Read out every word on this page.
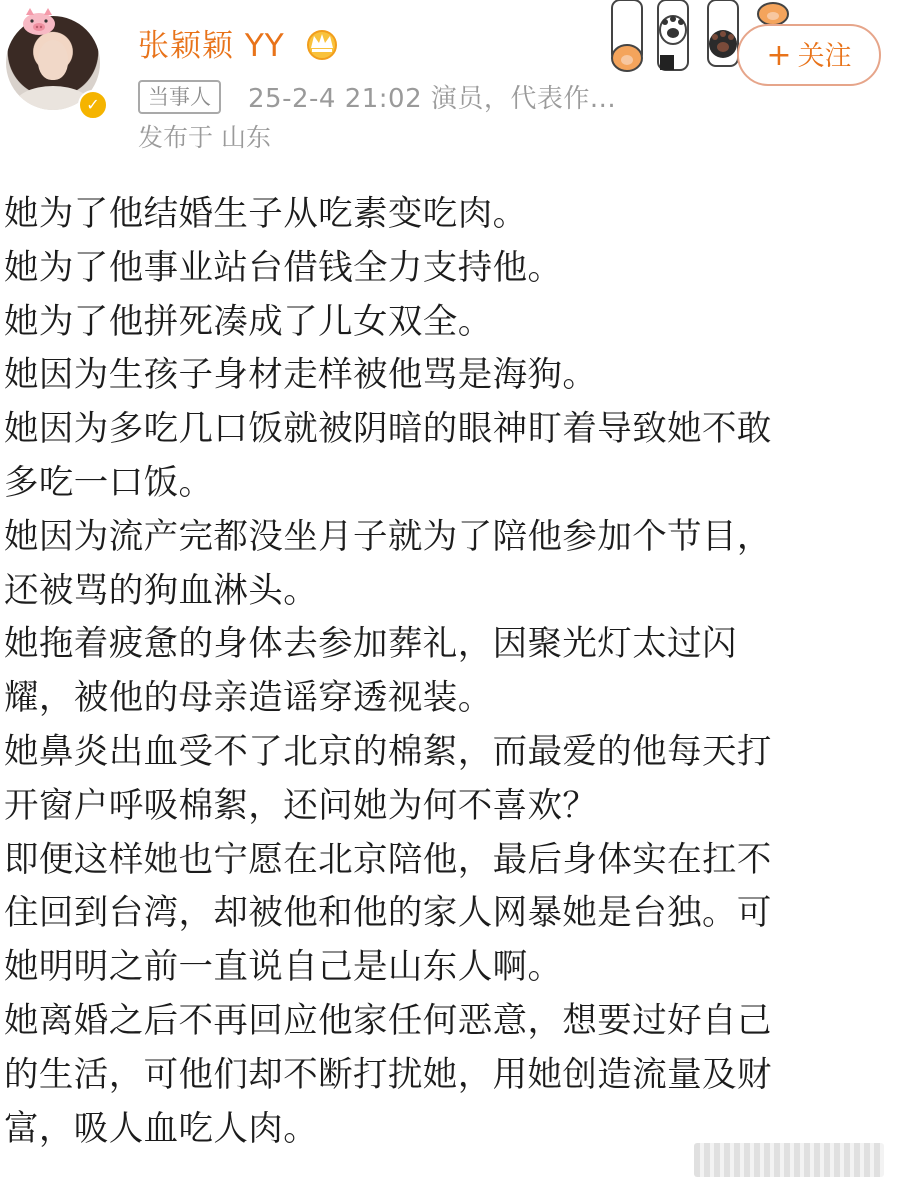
✓
张颖颖 YY
当事人	25-2-4 21:02 演员，代表作...
发布于 山东
+ 关注
她为了他结婚生子从吃素变吃肉。
她为了他事业站台借钱全力支持他。
她为了他拼死凑成了儿女双全。
她因为生孩子身材走样被他骂是海狗。
她因为多吃几口饭就被阴暗的眼神盯着导致她不敢
多吃一口饭。
她因为流产完都没坐月子就为了陪他参加个节目，
还被骂的狗血淋头。
她拖着疲惫的身体去参加葬礼，因聚光灯太过闪
耀，被他的母亲造谣穿透视装。
她鼻炎出血受不了北京的棉絮，而最爱的他每天打
开窗户呼吸棉絮，还问她为何不喜欢？
即便这样她也宁愿在北京陪他，最后身体实在扛不
住回到台湾，却被他和他的家人网暴她是台独。可
她明明之前一直说自己是山东人啊。
她离婚之后不再回应他家任何恶意，想要过好自己
的生活，可他们却不断打扰她，用她创造流量及财
富，吸人血吃人肉。
